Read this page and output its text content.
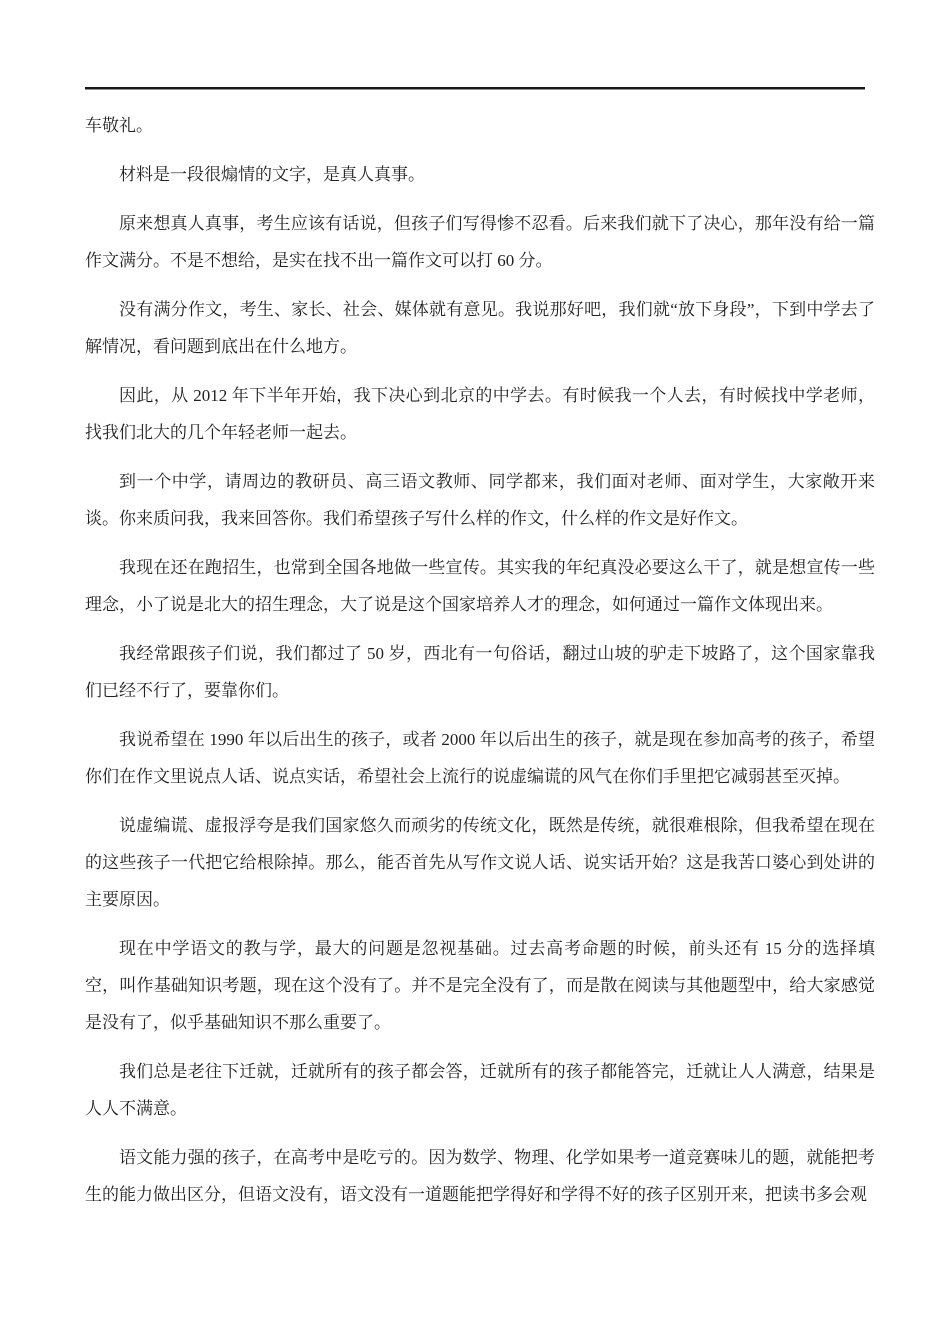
车敬礼。

材料是一段很煽情的文字，是真人真事。

原来想真人真事，考生应该有话说，但孩子们写得惨不忍看。后来我们就下了决心，那年没有给一篇作文满分。不是不想给，是实在找不出一篇作文可以打 60 分。

没有满分作文，考生、家长、社会、媒体就有意见。我说那好吧，我们就“放下身段”，下到中学去了解情况，看问题到底出在什么地方。

因此，从 2012 年下半年开始，我下决心到北京的中学去。有时候我一个人去，有时候找中学老师，找我们北大的几个年轻老师一起去。

到一个中学，请周边的教研员、高三语文教师、同学都来，我们面对老师、面对学生，大家敞开来谈。你来质问我，我来回答你。我们希望孩子写什么样的作文，什么样的作文是好作文。

我现在还在跑招生，也常到全国各地做一些宣传。其实我的年纪真没必要这么干了，就是想宣传一些理念，小了说是北大的招生理念，大了说是这个国家培养人才的理念，如何通过一篇作文体现出来。

我经常跟孩子们说，我们都过了 50 岁，西北有一句俗话，翻过山坡的驴走下坡路了，这个国家靠我们已经不行了，要靠你们。

我说希望在 1990 年以后出生的孩子，或者 2000 年以后出生的孩子，就是现在参加高考的孩子，希望你们在作文里说点人话、说点实话，希望社会上流行的说虚编谎的风气在你们手里把它减弱甚至灭掉。

说虚编谎、虚报浮夸是我们国家悠久而顽劣的传统文化，既然是传统，就很难根除，但我希望在现在的这些孩子一代把它给根除掉。那么，能否首先从写作文说人话、说实话开始？这是我苦口婆心到处讲的主要原因。

现在中学语文的教与学，最大的问题是忽视基础。过去高考命题的时候，前头还有 15 分的选择填空，叫作基础知识考题，现在这个没有了。并不是完全没有了，而是散在阅读与其他题型中，给大家感觉是没有了，似乎基础知识不那么重要了。

我们总是老往下迁就，迁就所有的孩子都会答，迁就所有的孩子都能答完，迁就让人人满意，结果是人人不满意。

语文能力强的孩子，在高考中是吃亏的。因为数学、物理、化学如果考一道竞赛味儿的题，就能把考生的能力做出区分，但语文没有，语文没有一道题能把学得好和学得不好的孩子区别开来，把读书多会观
